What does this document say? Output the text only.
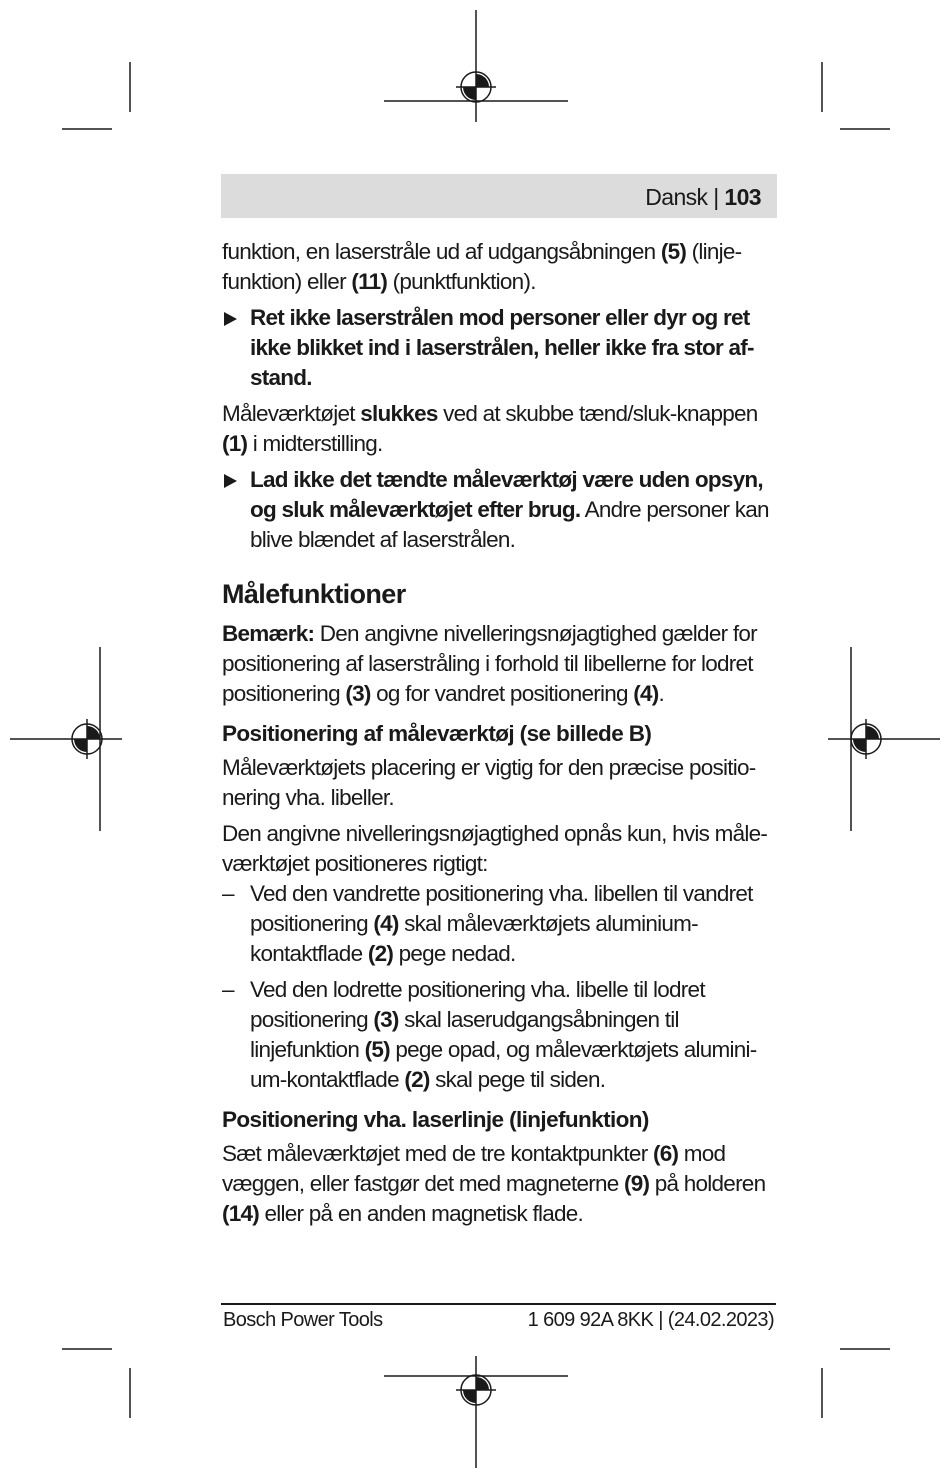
Dansk | 103

funktion, en laserstråle ud af udgangsåbningen (5) (linje-funktion) eller (11) (punktfunktion).

Ret ikke laserstrålen mod personer eller dyr og ret ikke blikket ind i laserstrålen, heller ikke fra stor af-stand.

Måleværktøjet slukkes ved at skubbe tænd/sluk-knappen (1) i midterstilling.

Lad ikke det tændte måleværktøj være uden opsyn, og sluk måleværktøjet efter brug. Andre personer kan blive blændet af laserstrålen.

Målefunktioner

Bemærk: Den angivne nivelleringsnøjagtighed gælder for positionering af laserstråling i forhold til libellerne for lodret positionering (3) og for vandret positionering (4).

Positionering af måleværktøj (se billede B)

Måleværktøjets placering er vigtig for den præcise positio-nering vha. libeller.

Den angivne nivelleringsnøjagtighed opnås kun, hvis måle-værktøjet positioneres rigtigt:

– Ved den vandrette positionering vha. libellen til vandret positionering (4) skal måleværktøjets aluminium-kontaktflade (2) pege nedad.

– Ved den lodrette positionering vha. libelle til lodret positionering (3) skal laserudgangsåbningen til linjefunktion (5) pege opad, og måleværktøjets alumini-um-kontaktflade (2) skal pege til siden.

Positionering vha. laserlinje (linjefunktion)

Sæt måleværktøjet med de tre kontaktpunkter (6) mod væggen, eller fastgør det med magneterne (9) på holderen (14) eller på en anden magnetisk flade.

Bosch Power Tools	1 609 92A 8KK | (24.02.2023)
